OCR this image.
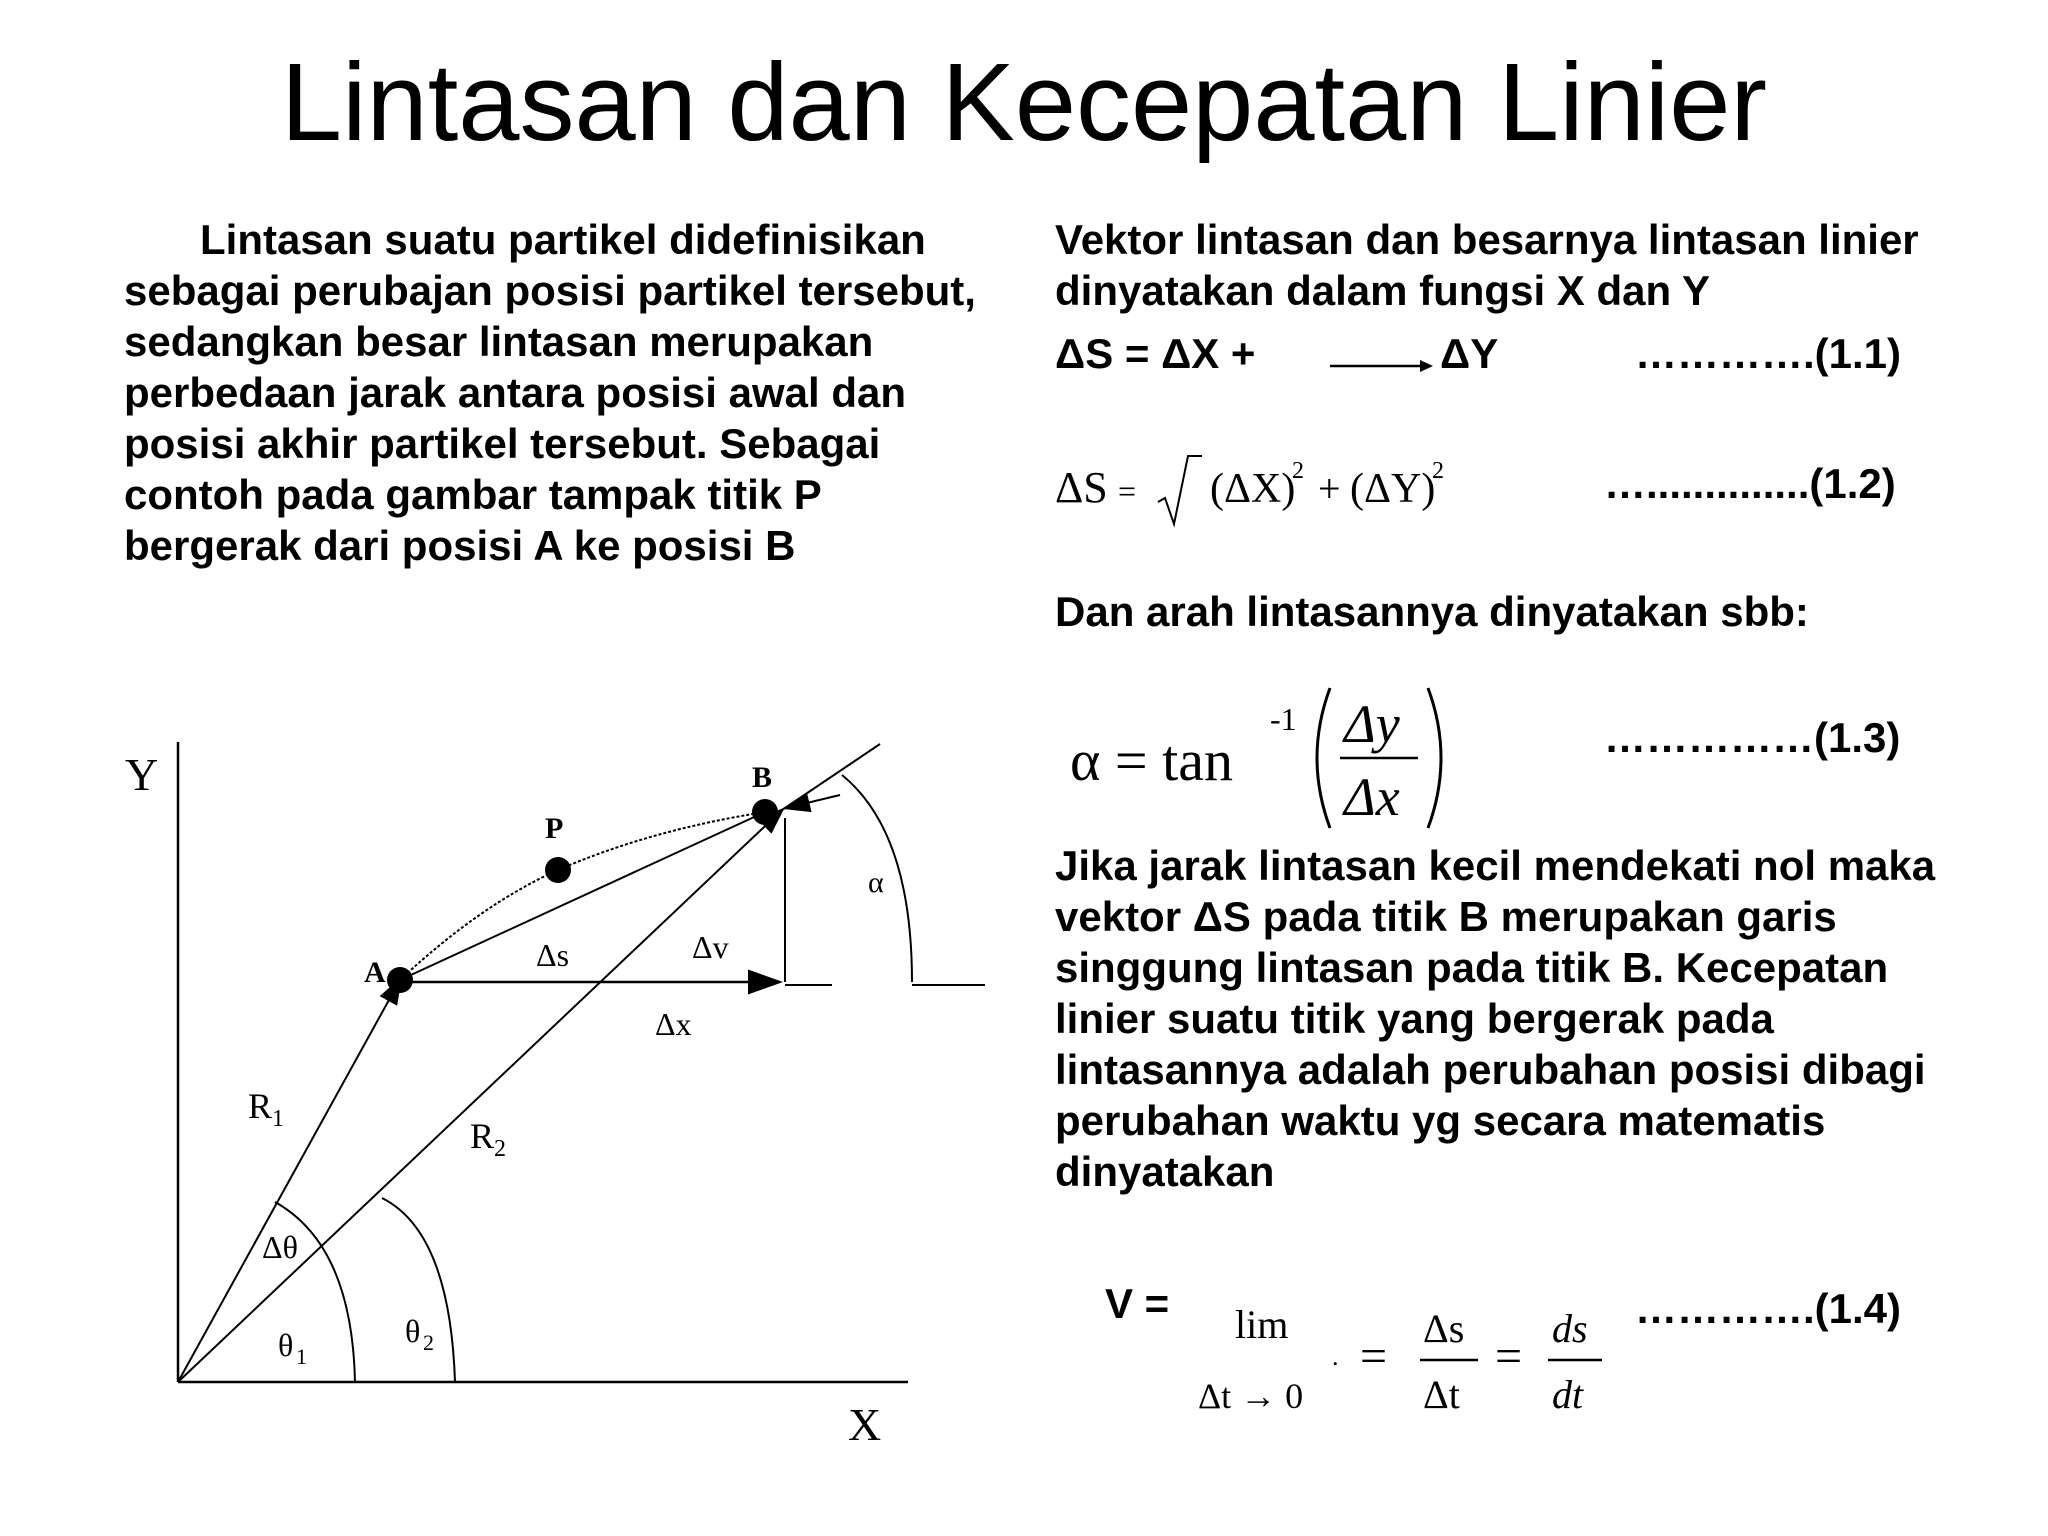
Lintasan dan Kecepatan Linier

Lintasan suatu partikel didefinisikan sebagai perubajan posisi partikel tersebut, sedangkan besar lintasan merupakan perbedaan jarak antara posisi awal dan posisi akhir partikel tersebut. Sebagai contoh pada gambar tampak titik P bergerak dari posisi A ke posisi B

Vektor lintasan dan besarnya lintasan linier dinyatakan dalam fungsi X dan Y

ΔS = ΔX +	ΔY	………….(1.1)
ΔS = (ΔX)
2 + (ΔY)
2	…..............(1.2)

Dan arah lintasannya dinyatakan sbb:

α = tan
-1 Δy
Δx
……………(1.3)

Jika jarak lintasan kecil mendekati nol maka vektor ΔS pada titik B merupakan garis singgung lintasan pada titik B. Kecepatan linier suatu titik yang bergerak pada lintasannya adalah perubahan posisi dibagi perubahan waktu yg secara matematis dinyatakan

V = lim
Δt → 0
. =
Δs
Δt
=
ds
dt
………….(1.4)
Y
X
A
P
B
Δs	Δv
Δx
α
R 1	R 2
Δθ
θ 1
θ 2
